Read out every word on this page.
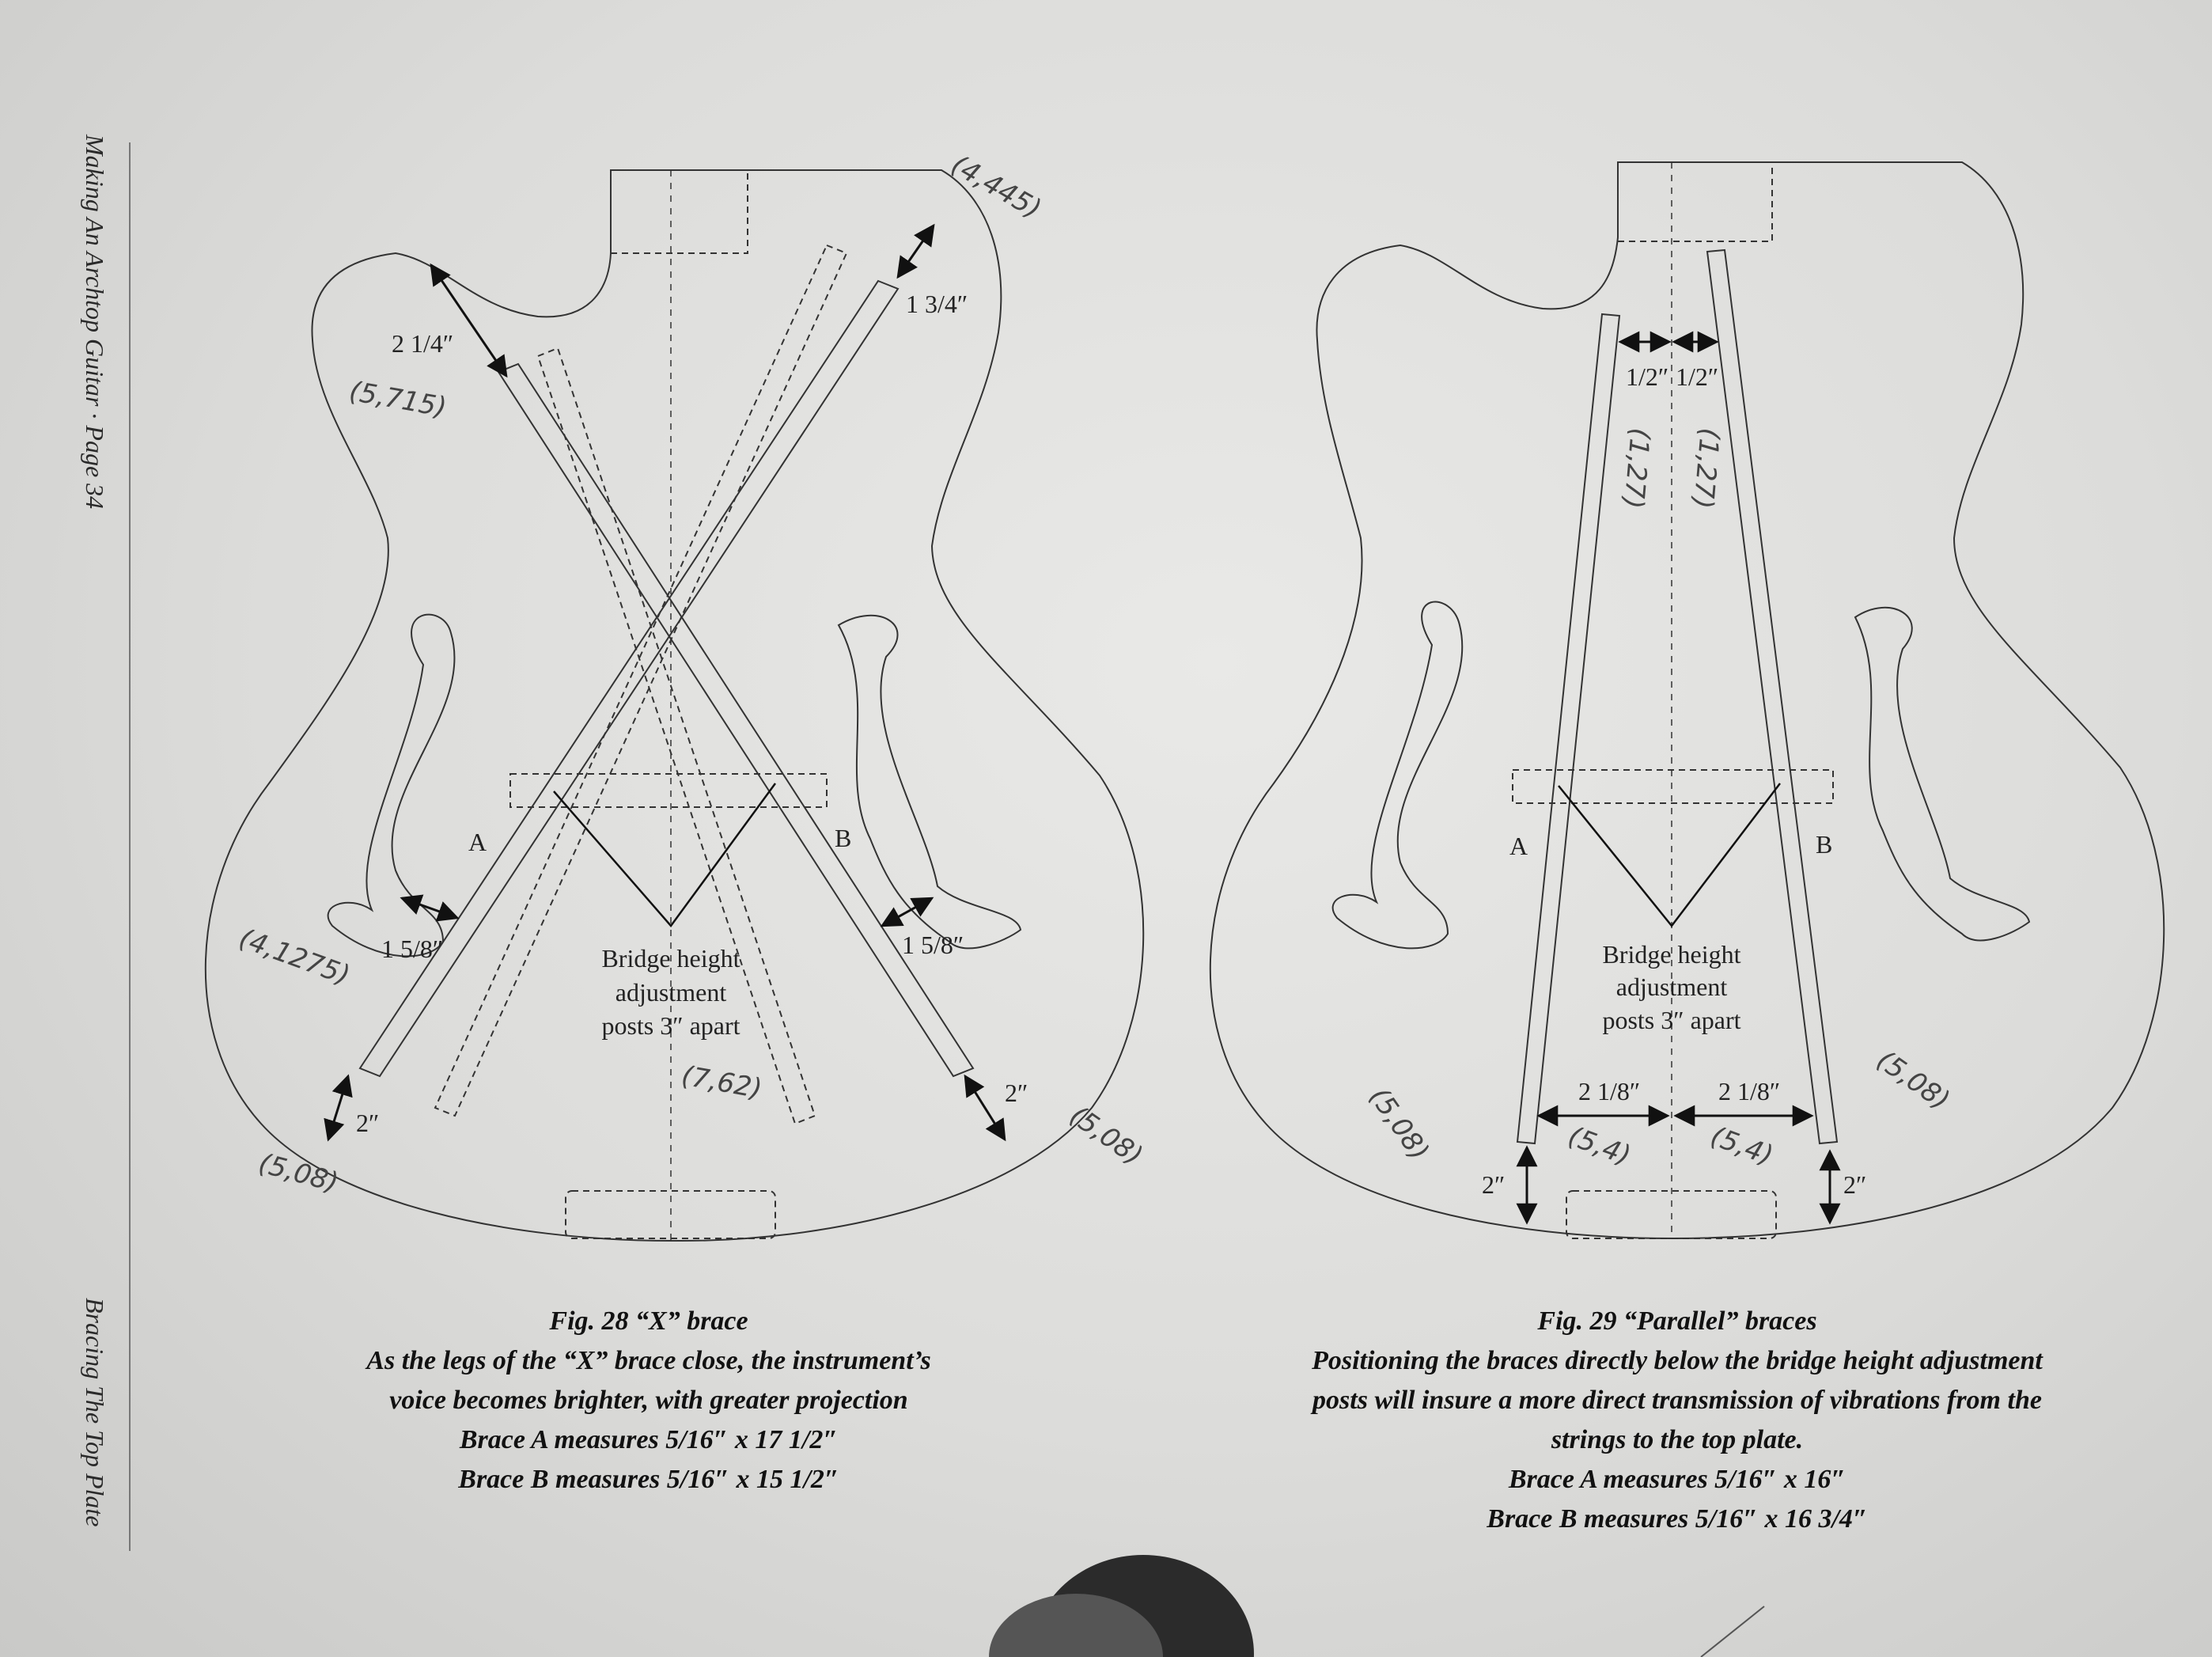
Making An Archtop Guitar · Page 34
Bracing The Top Plate
2 1/4″
1 3/4″
1 5/8″	1 5/8″
2″
2″
A	B
Bridge height
adjustment
posts 3″ apart
(4,445)
(5,715)
(4,1275)
(7,62)
(5,08)
(5,08)
1/2″ 1/2″
2 1/8″	2 1/8″
2″	2″
A	B
Bridge height
adjustment
posts 3″ apart
(1,27) (1,27)
(5,08)	(5,4)	(5,4)
(5,08)
Fig. 28 “X” brace
As the legs of the “X” brace close, the instrument’s
voice becomes brighter, with greater projection
Brace A measures 5/16″ x 17 1/2″
Brace B measures 5/16″ x 15 1/2″
Fig. 29 “Parallel” braces
Positioning the braces directly below the bridge height adjustment
posts will insure a more direct transmission of vibrations from the
strings to the top plate.
Brace A measures 5/16″ x 16″
Brace B measures 5/16″ x 16 3/4″
